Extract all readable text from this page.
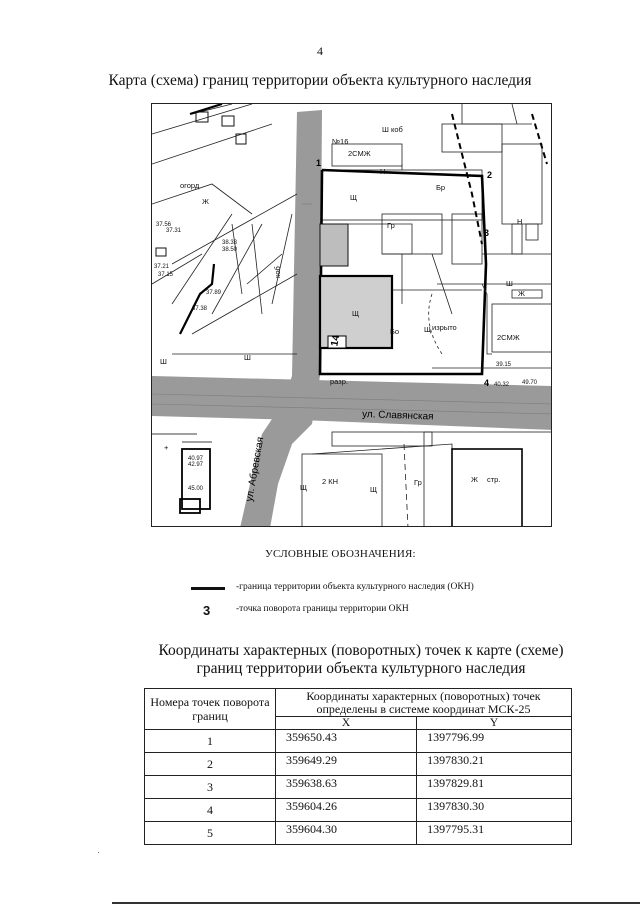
4
Карта (схема) границ территории объекта культурного наследия
2СМЖ
2СМЖ
2 КН
изрыто
Гр
Бр
Бо
№16
Ш коб
огорд
стр.
разр.
Ш	Ш
Щ
Щ	Щ
Ш
Н
Н
Ж
Ж
Ж
+
Гр
коб
Щ
Щ
ул. Славянская
ул. Абревская
1
2
3
4
14
37.56
37.31
37.21
37.15
38.33
38.50
37.89
37.38
39.15
40.32 49.70
40.97
42.97
45.00
УСЛОВНЫЕ ОБОЗНАЧЕНИЯ:
-граница территории объекта культурного наследия (ОКН)
3	-точка поворота границы территории ОКН
Координаты характерных (поворотных) точек к карте (схеме)
границ территории объекта культурного наследия
Номера точек поворота границ	Координаты характерных (поворотных) точек определены в системе координат МСК-25	
	X	Y
1	359650.43	1397796.99
2	359649.29	1397830.21
3	359638.63	1397829.81
4	359604.26	1397830.30
5	359604.30	1397795.31
